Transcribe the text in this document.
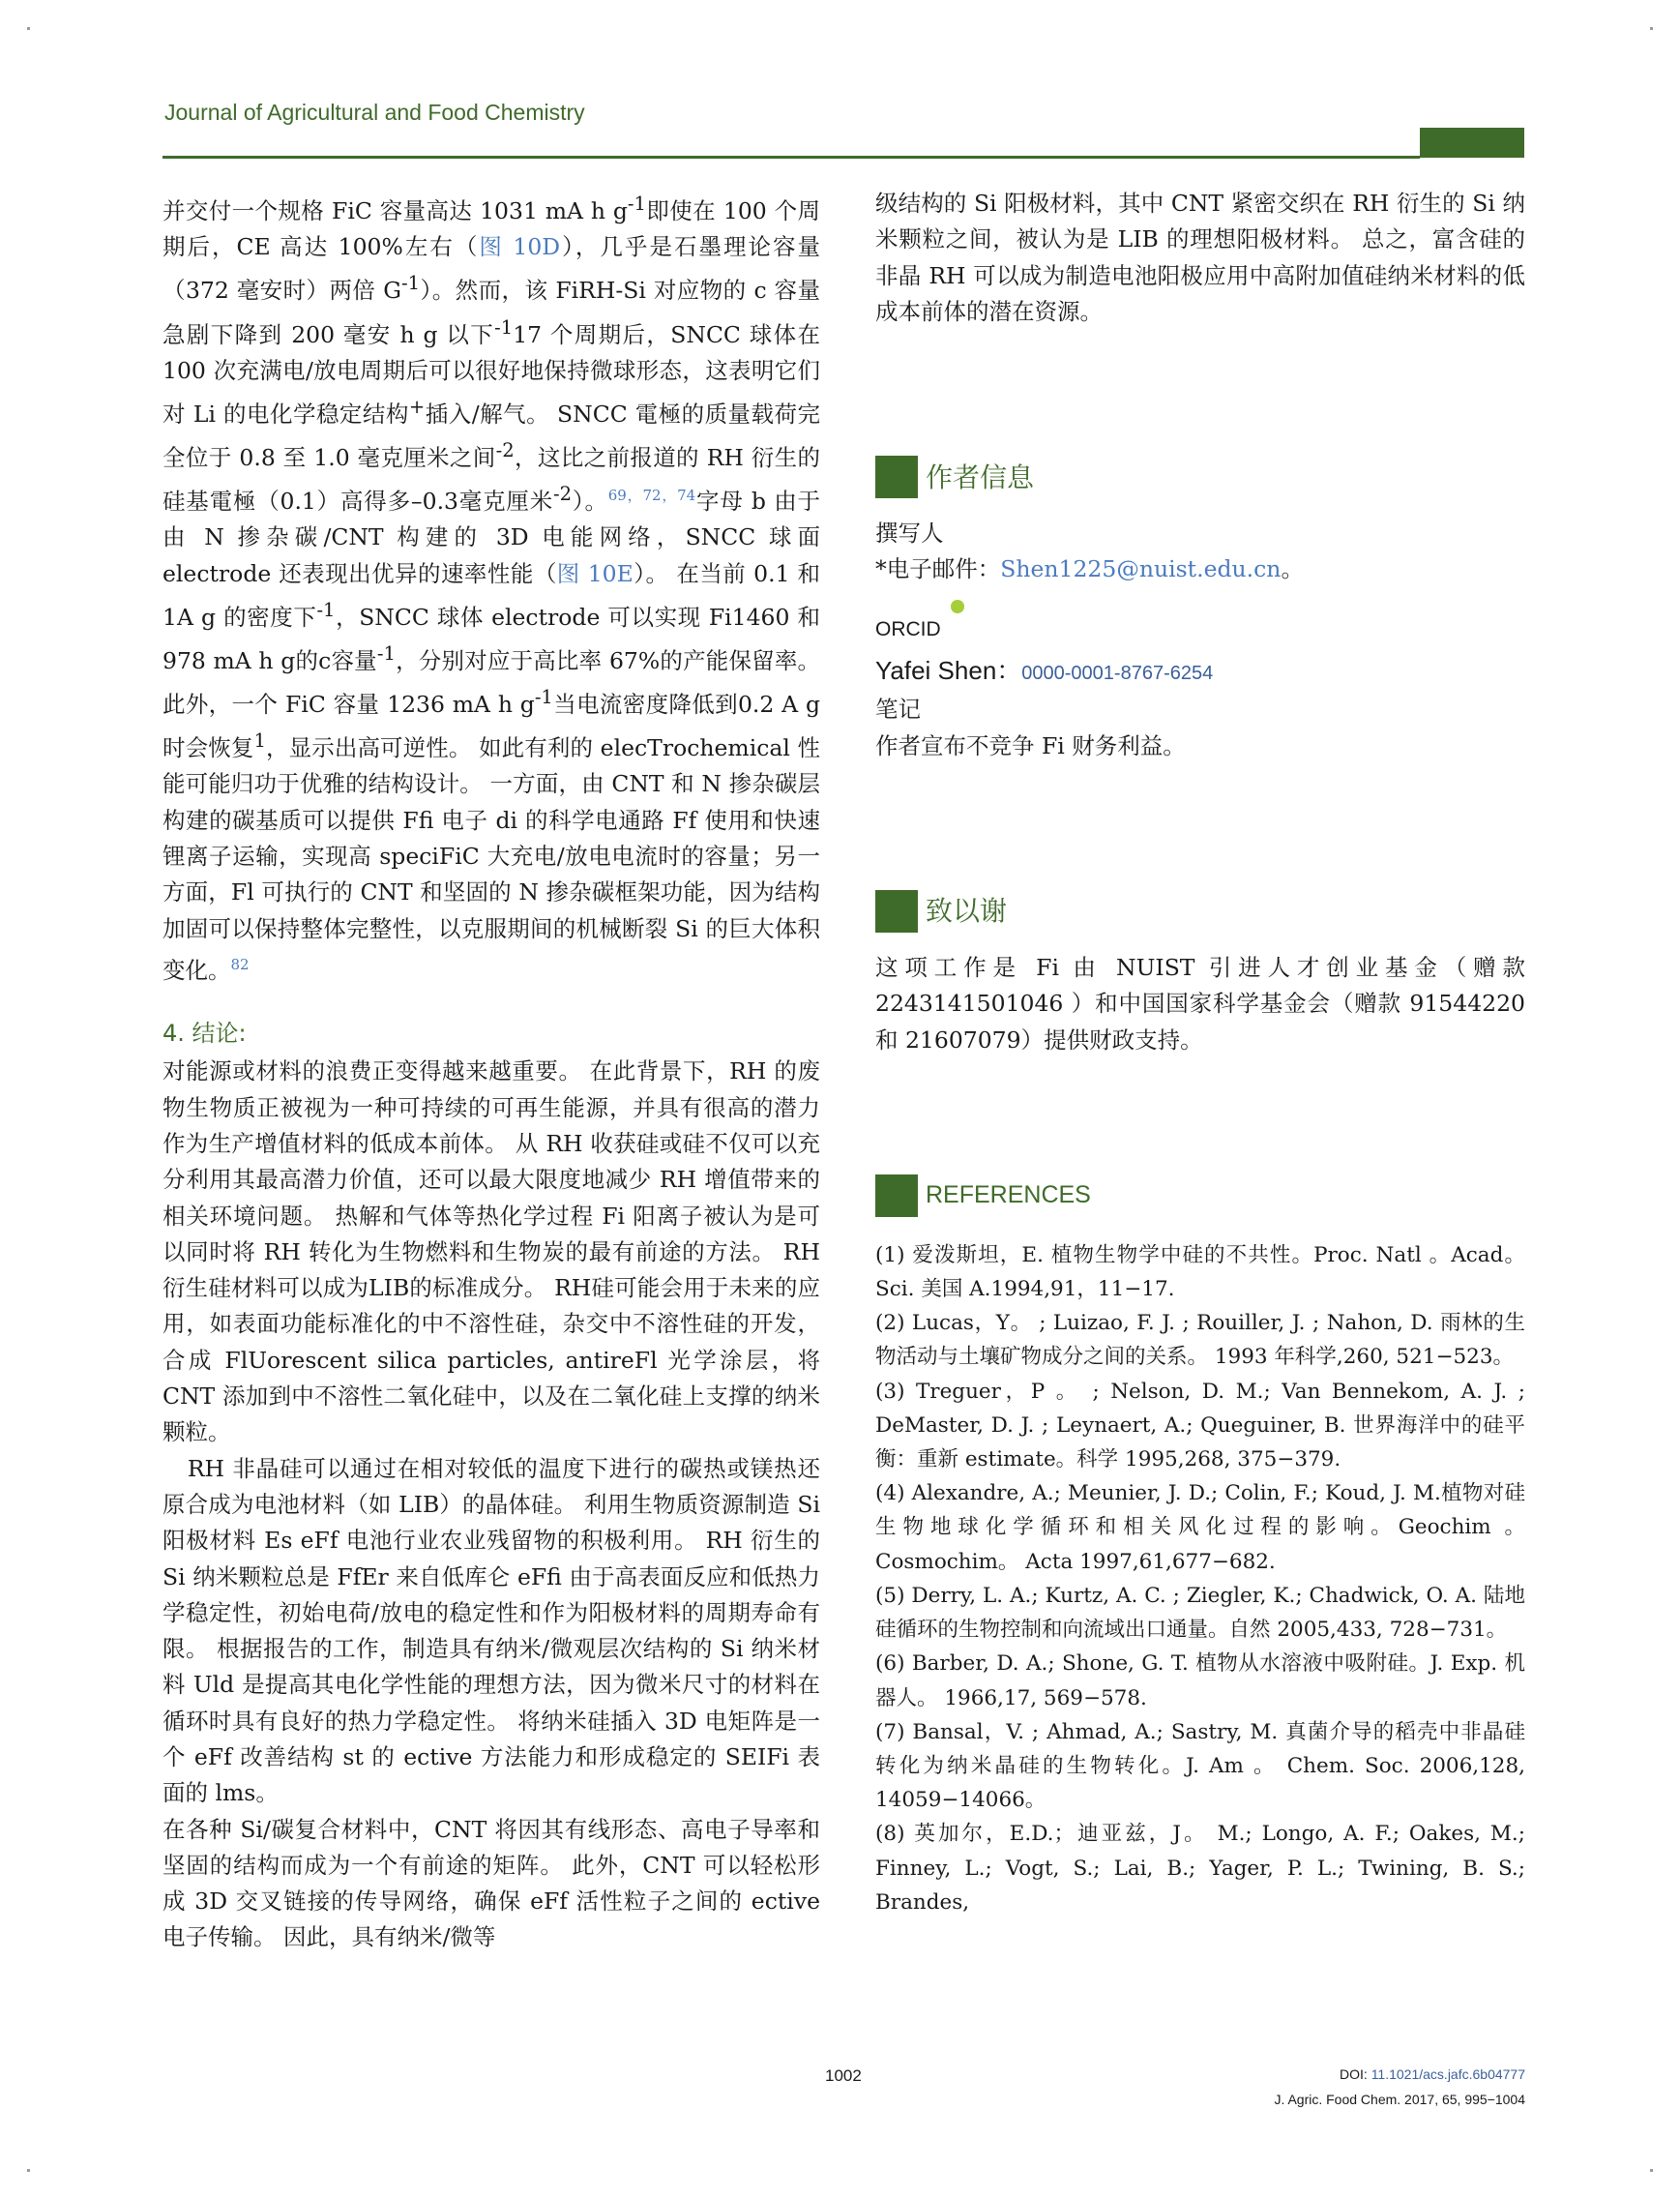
Journal of Agricultural and Food Chemistry

并交付一个规格 FiC 容量高达 1031 mA h $g^{-1}$即使在 100 个周期后，CE 高达 100%左右（图 10D），几乎是石墨理论容量（372 毫安时）两倍 $G^{-1}$）。然而，该 FiRH-Si 对应物的 c 容量急剧下降到 200 毫安 h g 以下$^{-1}$17 个周期后，SNCC 球体在 100 次充满电/放电周期后可以很好地保持微球形态，这表明它们对 Li 的电化学稳定结构+插入/解气。 SNCC 電極的质量载荷完全位于 0.8 至 1.0 毫克厘米之间$^{-2}$，这比之前报道的 RH 衍生的硅基電極（0.1）高得多–0.3毫克厘米$^{-2}$）。$^{69,72,74}$字母 b 由于由 N 掺杂碳/CNT 构建的 3D 电能网络，SNCC 球面 electrode 还表现出优异的速率性能（图 10E）。 在当前 0.1 和 1A g 的密度下$^{-1}$，SNCC 球体 electrode 可以实现 Fi1460 和 978 mA h g的c容量$^{-1}$，分别对应于高比率 67%的产能保留率。 此外，一个 FiC 容量 1236 mA h $g^{-1}$当电流密度降低到0.2 A g时会恢复$^1$，显示出高可逆性。 如此有利的 elecTrochemical 性能可能归功于优雅的结构设计。 一方面，由 CNT 和 N 掺杂碳层构建的碳基质可以提供 Ffi 电子 di 的科学电通路 Ff 使用和快速锂离子运输，实现高 speciFiC 大充电/放电电流时的容量；另一方面，Fl 可执行的 CNT 和坚固的 N 掺杂碳框架功能，因为结构加固可以保持整体完整性，以克服期间的机械断裂 Si 的巨大体积变化。$^{82}$

4. 结论:

对能源或材料的浪费正变得越来越重要。 在此背景下，RH 的废物生物质正被视为一种可持续的可再生能源，并具有很高的潜力作为生产增值材料的低成本前体。 从 RH 收获硅或硅不仅可以充分利用其最高潜力价值，还可以最大限度地减少 RH 增值带来的相关环境问题。 热解和气体等热化学过程 Fi 阳离子被认为是可以同时将 RH 转化为生物燃料和生物炭的最有前途的方法。 RH衍生硅材料可以成为LIB的标准成分。 RH硅可能会用于未来的应用，如表面功能标准化的中不溶性硅，杂交中不溶性硅的开发，合成 FlUorescent silica particles, antireFl 光学涂层，将 CNT 添加到中不溶性二氧化硅中，以及在二氧化硅上支撑的纳米颗粒。

RH 非晶硅可以通过在相对较低的温度下进行的碳热或镁热还原合成为电池材料（如 LIB）的晶体硅。 利用生物质资源制造 Si 阳极材料 Es eFf 电池行业农业残留物的积极利用。 RH 衍生的 Si 纳米颗粒总是 FfEr 来自低库仑 eFfi 由于高表面反应和低热力学稳定性，初始电荷/放电的稳定性和作为阳极材料的周期寿命有限。 根据报告的工作，制造具有纳米/微观层次结构的 Si 纳米材料 Uld 是提高其电化学性能的理想方法，因为微米尺寸的材料在循环时具有良好的热力学稳定性。 将纳米硅插入 3D 电矩阵是一个 eFf 改善结构 st 的 ective 方法能力和形成稳定的 SEIFi 表面的 lms。

在各种 Si/碳复合材料中，CNT 将因其有线形态、高电子导率和坚固的结构而成为一个有前途的矩阵。 此外，CNT 可以轻松形成 3D 交叉链接的传导网络，确保 eFf 活性粒子之间的 ective 电子传输。 因此，具有纳米/微等

级结构的 Si 阳极材料，其中 CNT 紧密交织在 RH 衍生的 Si 纳米颗粒之间，被认为是 LIB 的理想阳极材料。 总之，富含硅的非晶 RH 可以成为制造电池阳极应用中高附加值硅纳米材料的低成本前体的潜在资源。

作者信息
撰写人
*电子邮件：Shen1225@nuist.edu.cn。
ORCID
Yafei Shen：0000-0001-8767-6254
笔记
作者宣布不竞争 Fi 财务利益。
致以谢

这项工作是 Fi 由 NUIST 引进人才创业基金（赠款 2243141501046 ）和中国国家科学基金会（赠款 91544220 和 21607079）提供财政支持。

REFERENCES

(1) 爱泼斯坦，E. 植物生物学中硅的不共性。Proc. Natl 。Acad。 Sci. 美国 A.1994,91，11−17.

(2) Lucas，Y。 ; Luizao, F. J. ; Rouiller, J. ; Nahon, D. 雨林的生物活动与土壤矿物成分之间的关系。 1993 年科学,260, 521−523。

(3) Treguer，P 。 ; Nelson, D. M.; Van Bennekom, A. J. ; DeMaster, D. J. ; Leynaert, A.; Queguiner, B. 世界海洋中的硅平衡：重新 estimate。科学 1995,268, 375−379.

(4) Alexandre, A.; Meunier, J. D.; Colin, F.; Koud, J. M.植物对硅生物地球化学循环和相关风化过程的影响。Geochim 。Cosmochim。 Acta 1997,61,677−682.

(5) Derry, L. A.; Kurtz, A. C. ; Ziegler, K.; Chadwick, O. A. 陆地硅循环的生物控制和向流域出口通量。自然 2005,433, 728−731。

(6) Barber, D. A.; Shone, G. T. 植物从水溶液中吸附硅。J. Exp. 机器人。 1966,17, 569−578.

(7) Bansal，V. ; Ahmad, A.; Sastry, M. 真菌介导的稻壳中非晶硅转化为纳米晶硅的生物转化。J. Am 。 Chem. Soc. 2006,128, 14059−14066。

(8) 英加尔，E.D.；迪亚兹，J。 M.; Longo, A. F.; Oakes, M.; Finney, L.; Vogt, S.; Lai, B.; Yager, P. L.; Twining, B. S.; Brandes,

1002	DOI: 11.1021/acs.jafc.6b04777
J. Agric. Food Chem. 2017, 65, 995−1004
